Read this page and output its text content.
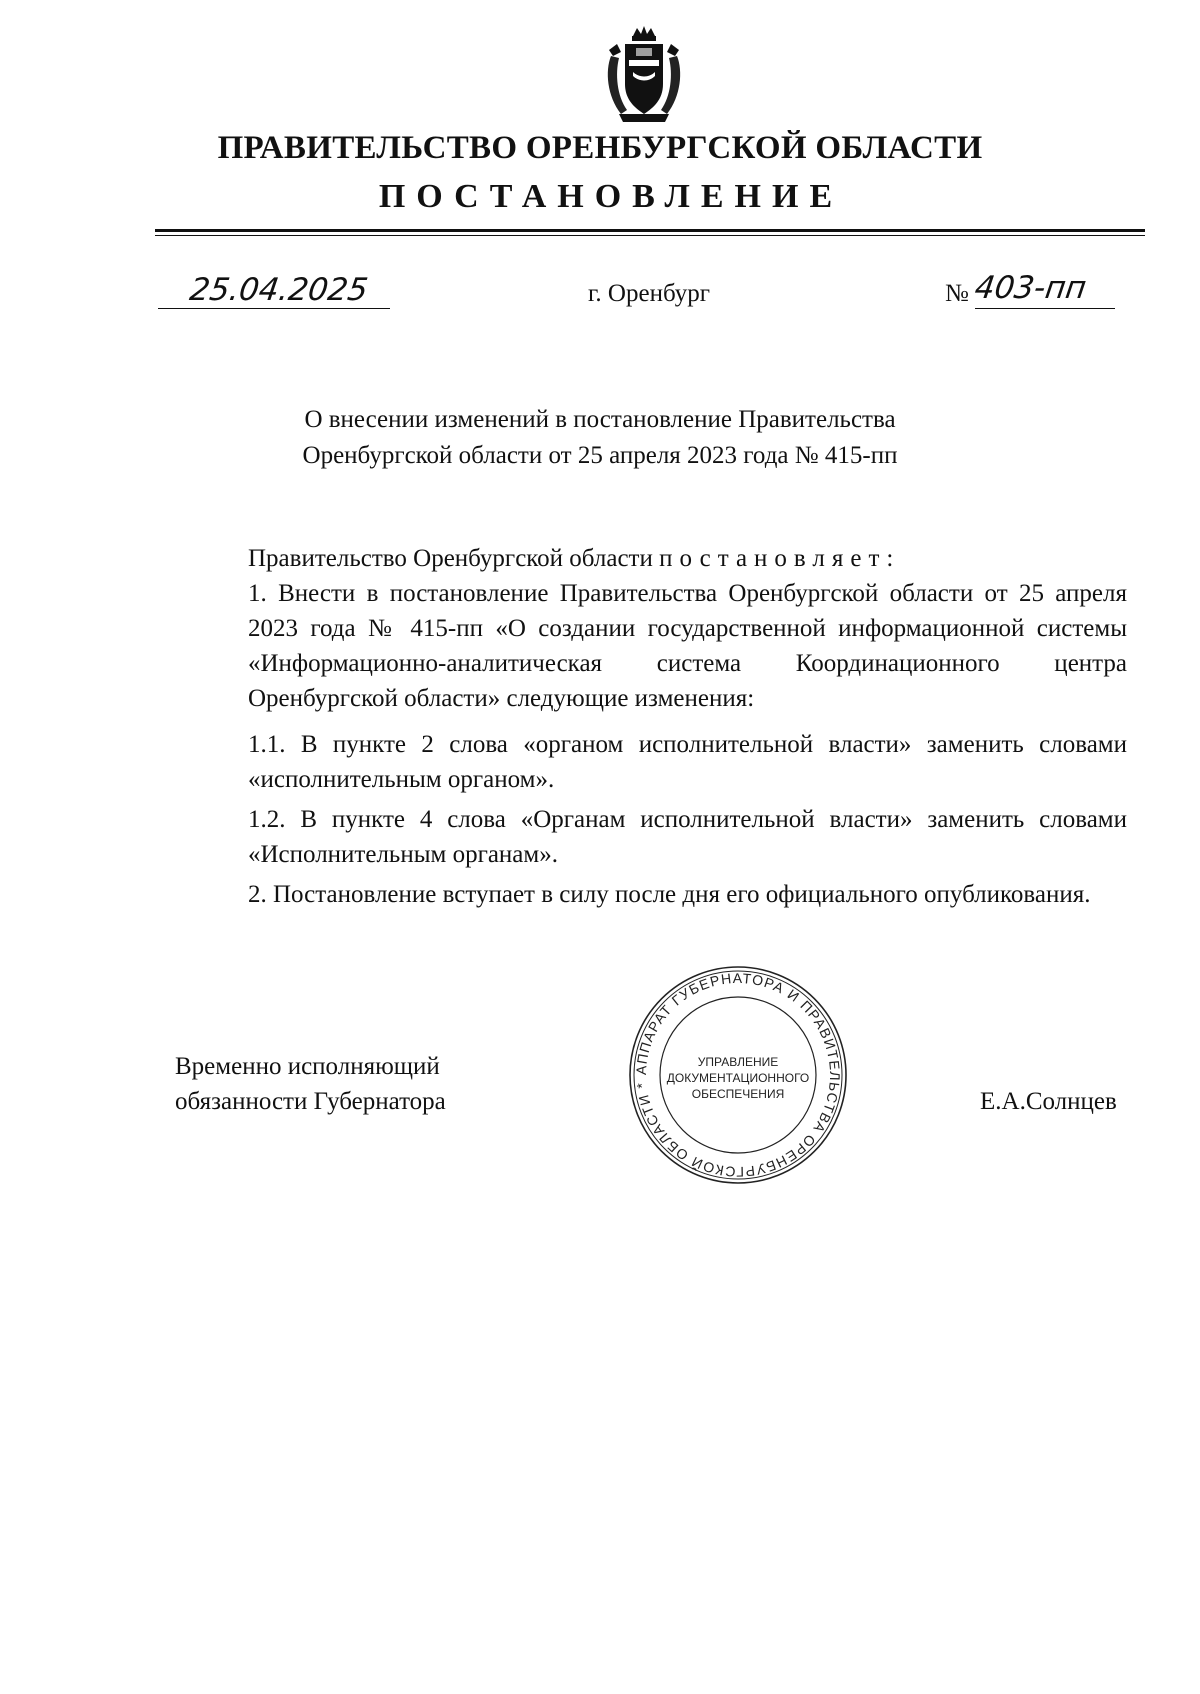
ПРАВИТЕЛЬСТВО ОРЕНБУРГСКОЙ ОБЛАСТИ
ПОСТАНОВЛЕНИЕ
25.04.2025	г. Оренбург	№ 403-пп
О внесении изменений в постановление Правительства
Оренбургской области от 25 апреля 2023 года № 415-пп
Правительство Оренбургской области постановляет:
1. Внести в постановление Правительства Оренбургской области от 25 апреля 2023 года № 415-пп «О создании государственной информационной системы «Информационно-аналитическая система Координационного центра Оренбургской области» следующие изменения:
1.1. В пункте 2 слова «органом исполнительной власти» заменить словами «исполнительным органом».
1.2. В пункте 4 слова «Органам исполнительной власти» заменить словами «Исполнительным органам».
2. Постановление вступает в силу после дня его официального опубликования.
Временно исполняющий
обязанности Губернатора	Е.А.Солнцев
АППАРАТ ГУБЕРНАТОРА И ПРАВИТЕЛЬСТВА ОРЕНБУРГСКОЙ ОБЛАСТИ *
УПРАВЛЕНИЕ
ДОКУМЕНТАЦИОННОГО
ОБЕСПЕЧЕНИЯ
